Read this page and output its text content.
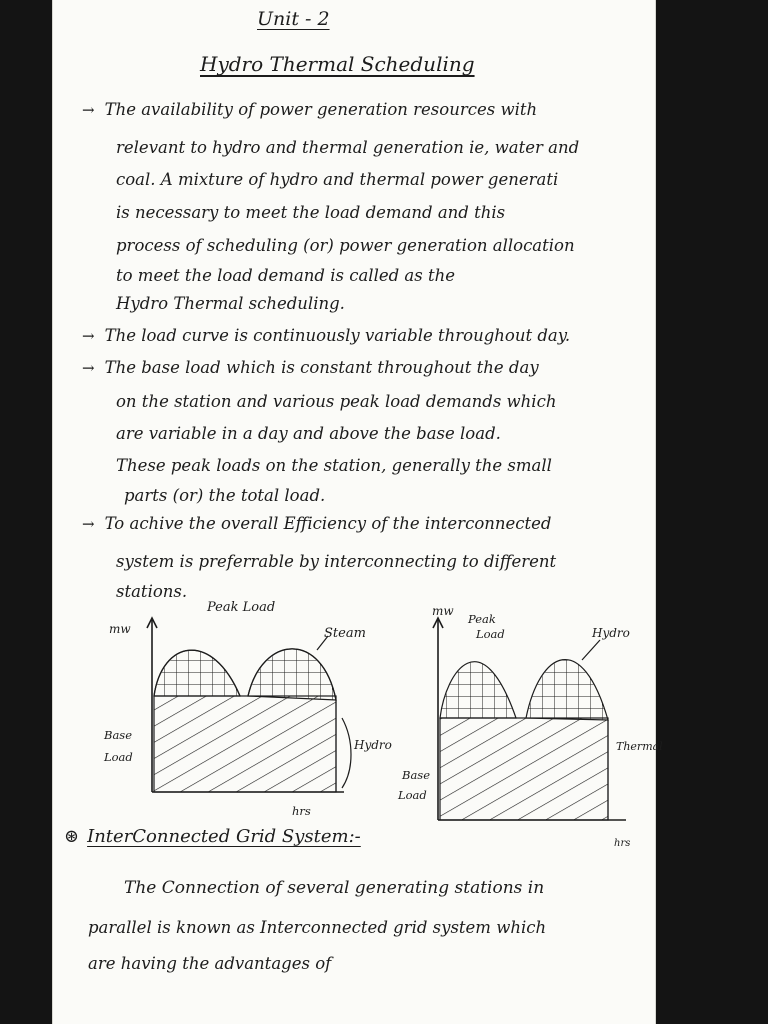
Unit - 2
Hydro Thermal Scheduling
→ The availability of power generation resources with
relevant to hydro and thermal generation ie, water and
coal. A mixture of hydro and thermal power generati
is necessary to meet the load demand and this
process of scheduling (or) power generation allocation
to meet the load demand is called as the
Hydro Thermal scheduling.
→ The load curve is continuously variable throughout day.
→ The base load which is constant throughout the day
on the station and various peak load demands which
are variable in a day and above the base load.
These peak loads on the station, generally the small
parts (or) the total load.
→ To achive the overall Efficiency of the interconnected
system is preferrable by interconnecting to different
stations.
Peak Load
mw	Steam
Base
Load
Hydro
hrs
mw
Peak
Load	Hydro
Thermal
Base
Load
hrs
⊛ InterConnected Grid System:-
The Connection of several generating stations in
parallel is known as Interconnected grid system which
are having the advantages of
